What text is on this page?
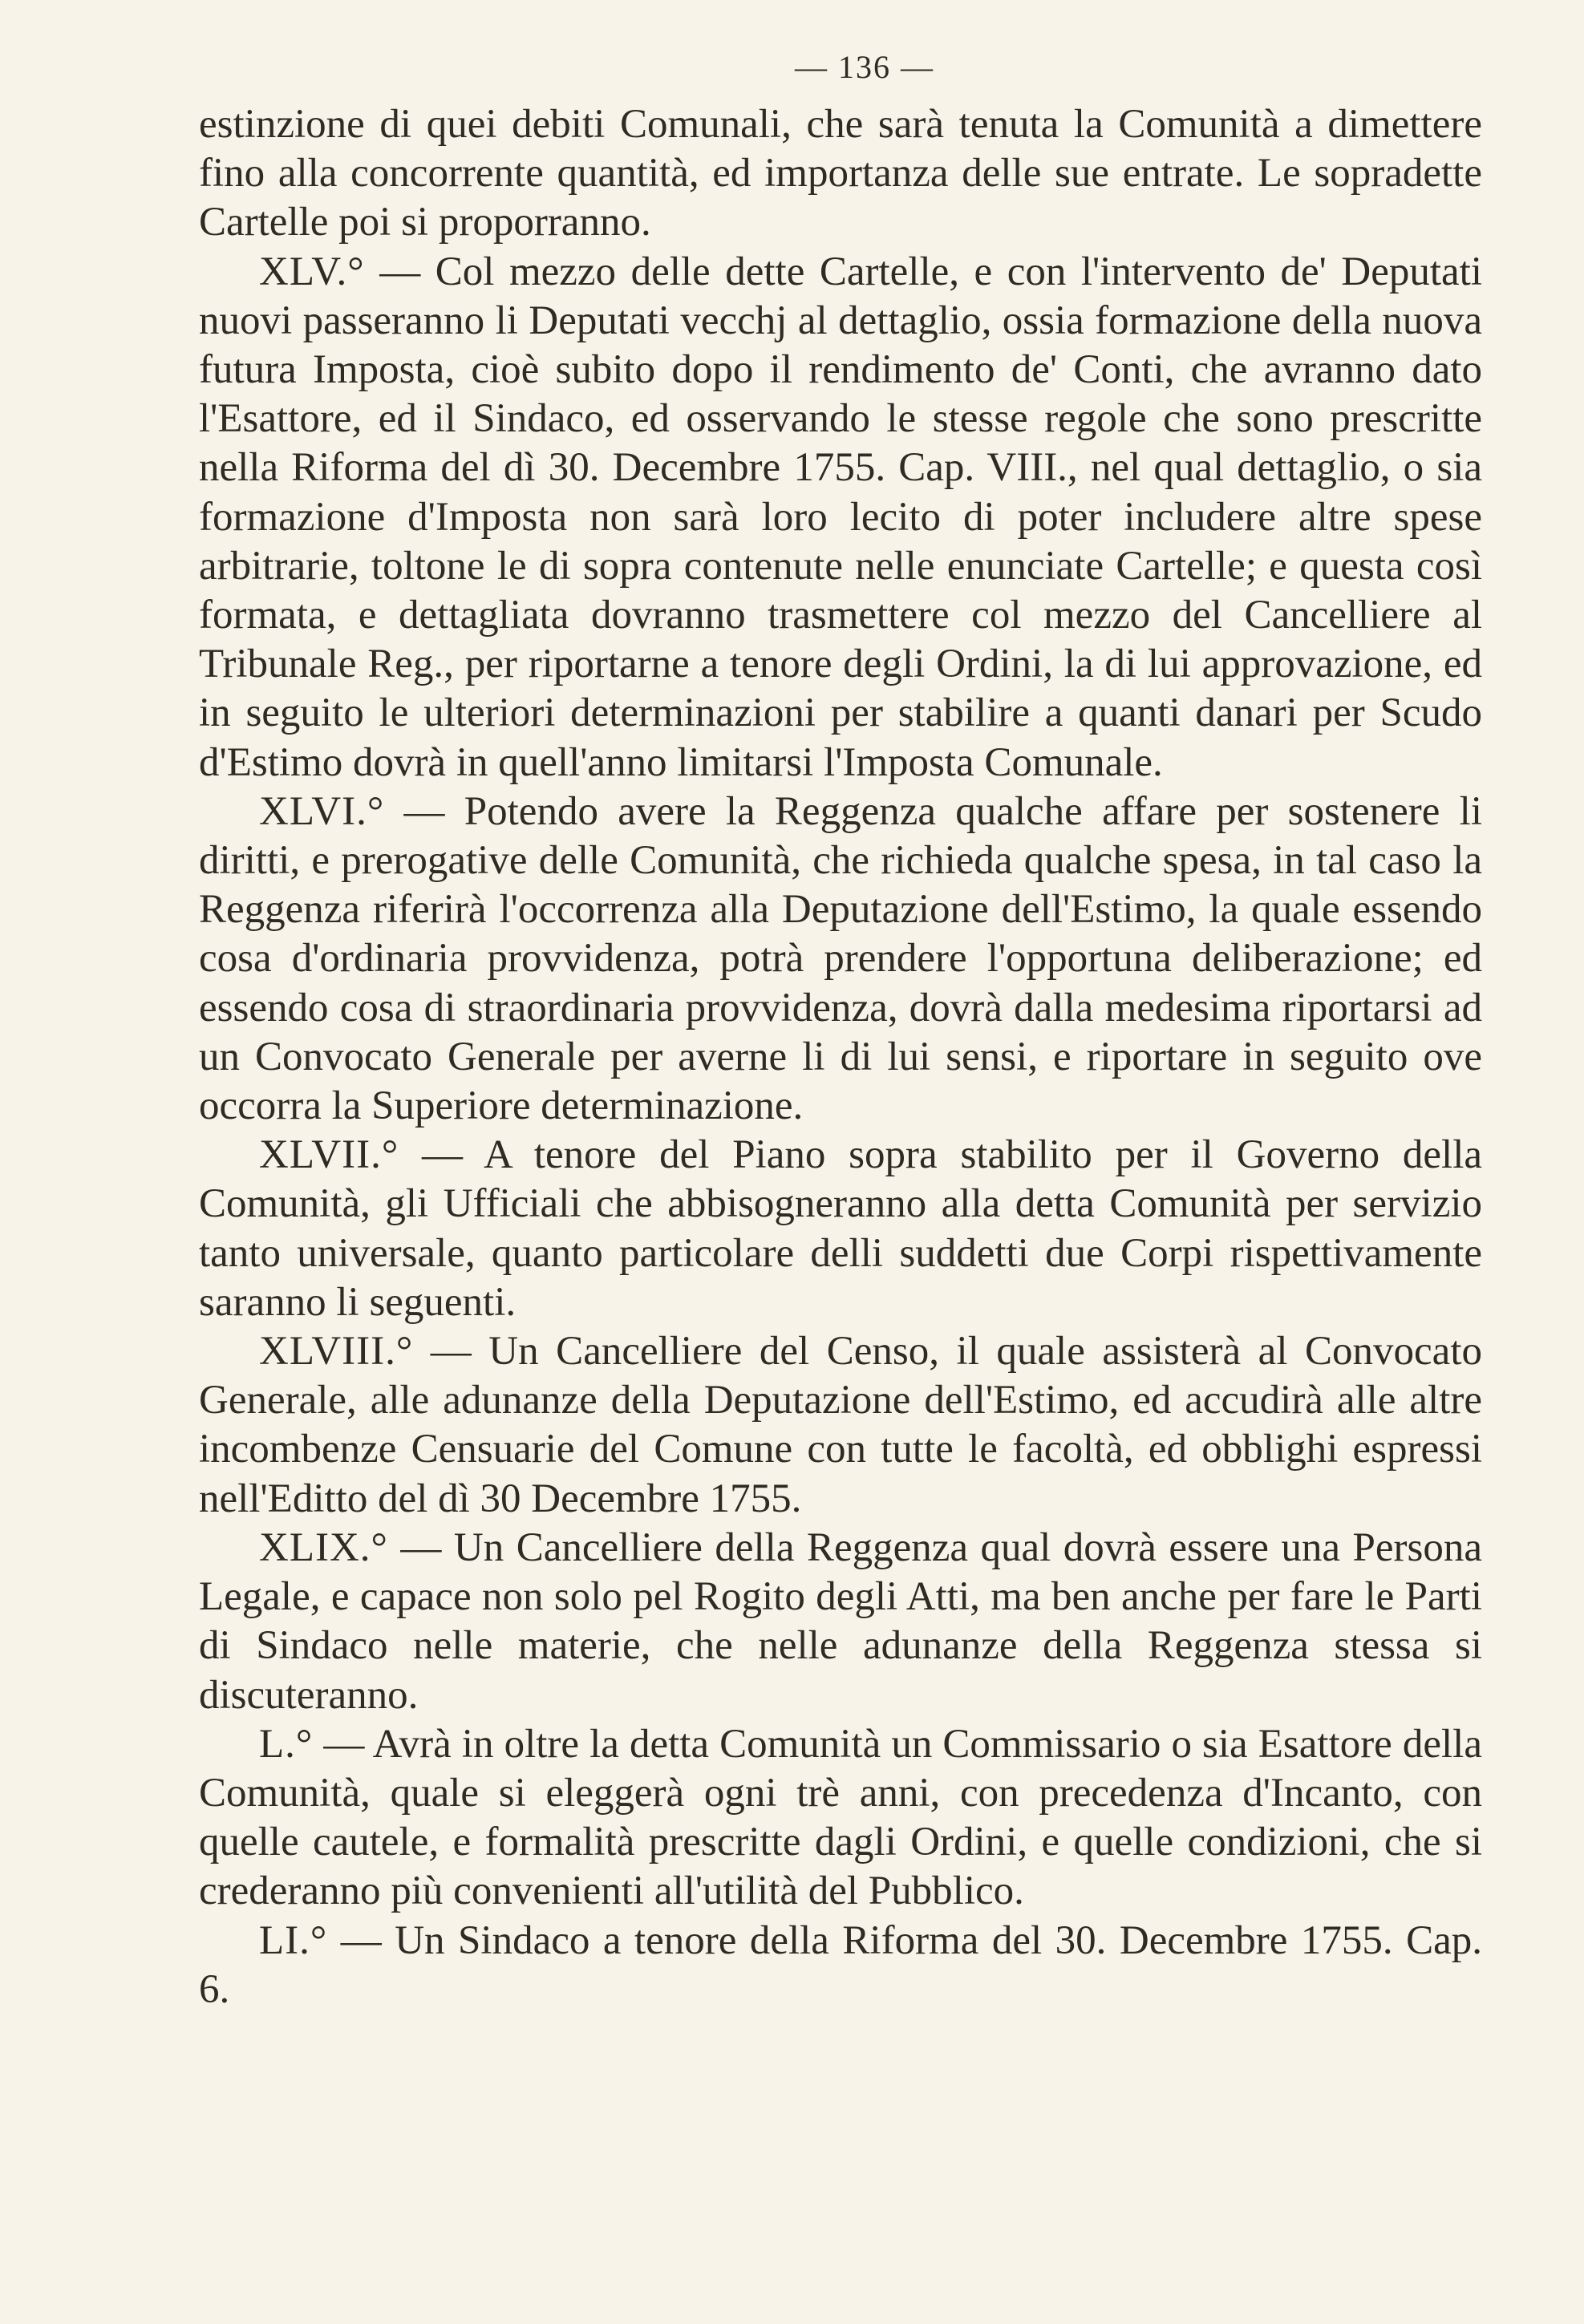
— 136 —

estinzione di quei debiti Comunali, che sarà tenuta la Comunità a dimettere fino alla concorrente quantità, ed importanza delle sue entrate. Le sopradette Cartelle poi si proporranno.

XLV.° — Col mezzo delle dette Cartelle, e con l'intervento de' Deputati nuovi passeranno li Deputati vecchj al dettaglio, ossia formazione della nuova futura Imposta, cioè subito dopo il rendimento de' Conti, che avranno dato l'Esattore, ed il Sindaco, ed osservando le stesse regole che sono prescritte nella Riforma del dì 30. Decembre 1755. Cap. VIII., nel qual dettaglio, o sia formazione d'Imposta non sarà loro lecito di poter includere altre spese arbitrarie, toltone le di sopra contenute nelle enunciate Cartelle; e questa così formata, e dettagliata dovranno trasmettere col mezzo del Cancelliere al Tribunale Reg., per riportarne a tenore degli Ordini, la di lui approvazione, ed in seguito le ulteriori determinazioni per stabilire a quanti danari per Scudo d'Estimo dovrà in quell'anno limitarsi l'Imposta Comunale.

XLVI.° — Potendo avere la Reggenza qualche affare per sostenere li diritti, e prerogative delle Comunità, che richieda qualche spesa, in tal caso la Reggenza riferirà l'occorrenza alla Deputazione dell'Estimo, la quale essendo cosa d'ordinaria provvidenza, potrà prendere l'opportuna deliberazione; ed essendo cosa di straordinaria provvidenza, dovrà dalla medesima riportarsi ad un Convocato Generale per averne li di lui sensi, e riportare in seguito ove occorra la Superiore determinazione.

XLVII.° — A tenore del Piano sopra stabilito per il Governo della Comunità, gli Ufficiali che abbisogneranno alla detta Comunità per servizio tanto universale, quanto particolare delli suddetti due Corpi rispettivamente saranno li seguenti.

XLVIII.° — Un Cancelliere del Censo, il quale assisterà al Convocato Generale, alle adunanze della Deputazione dell'Estimo, ed accudirà alle altre incombenze Censuarie del Comune con tutte le facoltà, ed obblighi espressi nell'Editto del dì 30 Decembre 1755.

XLIX.° — Un Cancelliere della Reggenza qual dovrà essere una Persona Legale, e capace non solo pel Rogito degli Atti, ma ben anche per fare le Parti di Sindaco nelle materie, che nelle adunanze della Reggenza stessa si discuteranno.

L.° — Avrà in oltre la detta Comunità un Commissario o sia Esattore della Comunità, quale si eleggerà ogni trè anni, con precedenza d'Incanto, con quelle cautele, e formalità prescritte dagli Ordini, e quelle condizioni, che si crederanno più convenienti all'utilità del Pubblico.

LI.° — Un Sindaco a tenore della Riforma del 30. Decembre 1755. Cap. 6.
